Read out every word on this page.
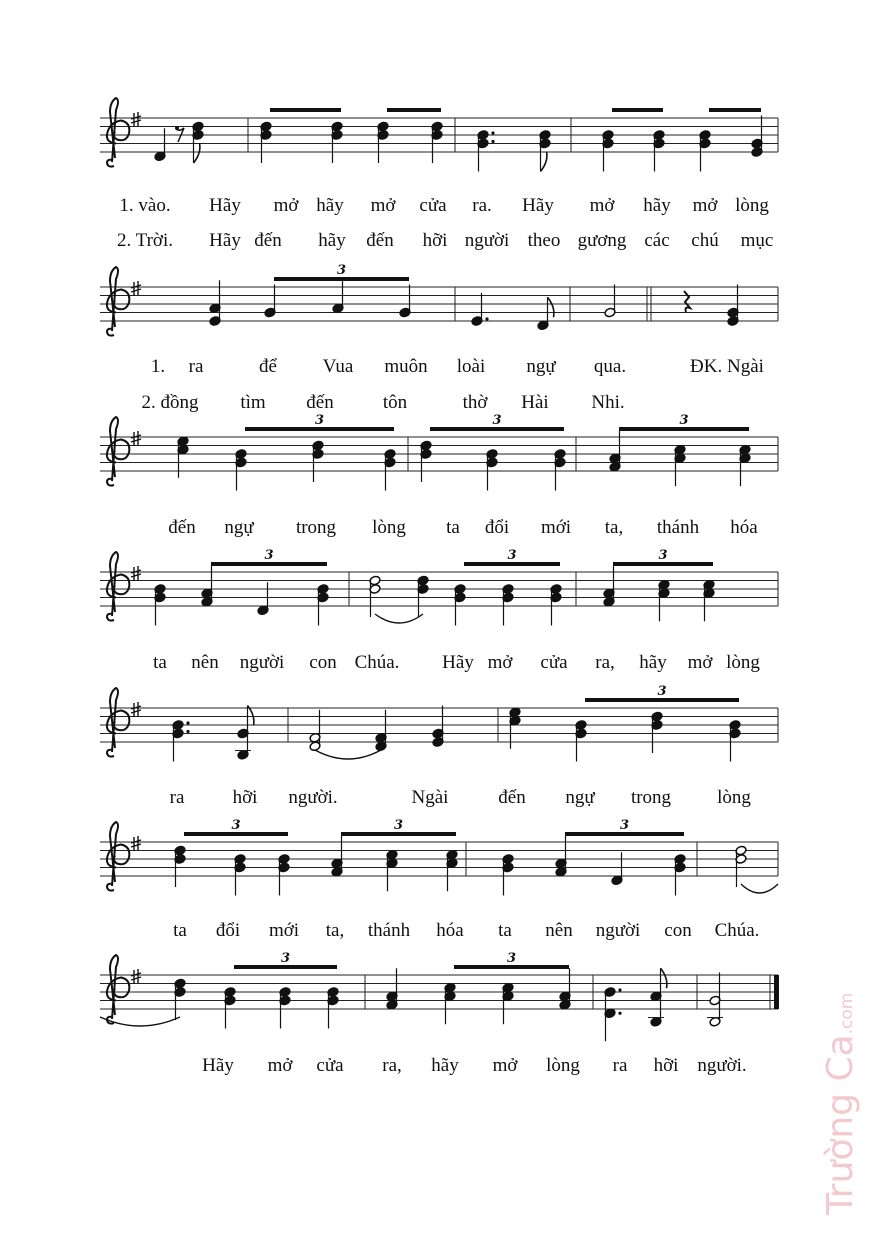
3
3	3	3
3	3	3
3
3	3	3
3	3
Trường Ca.com
1. vào. Hãy mở hãy mở cửa ra. Hãy mở hãy mở lòng
2. Trời. Hãy đến hãy đến hỡi người theo gương các chú mục
1. ra	để Vua muôn loài ngự qua.	ĐK. Ngài
2. đồng tìm đến	tôn	thờ Hài Nhi.
đến ngự trong lòng ta đổi mới ta, thánh hóa
ta nên người con Chúa. Hãy mở cửa ra, hãy mở lòng
ra	hỡi người.	Ngài	đến ngự trong lòng
ta đổi mới ta, thánh hóa ta nên người con Chúa.
Hãy mở cửa ra, hãy mở lòng ra hỡi người.
